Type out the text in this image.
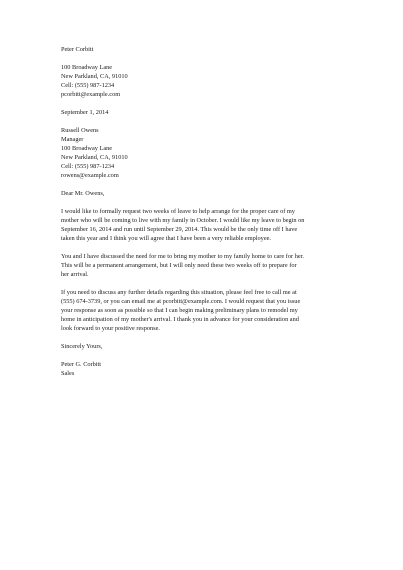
Peter Corbitt
100 Broadway Lane
New Parkland, CA, 91010
Cell: (555) 987-1234
pcorbitt@example.com
September 1, 2014
Russell Owens
Manager
100 Broadway Lane
New Parkland, CA, 91010
Cell: (555) 987-1234
rowens@example.com
Dear Mr. Owens,
I would like to formally request two weeks of leave to help arrange for the proper care of my
mother who will be coming to live with my family in October. I would like my leave to begin on
September 16, 2014 and run until September 29, 2014. This would be the only time off I have
taken this year and I think you will agree that I have been a very reliable employee.
You and I have discussed the need for me to bring my mother to my family home to care for her.
This will be a permanent arrangement, but I will only need these two weeks off to prepare for
her arrival.
If you need to discuss any further details regarding this situation, please feel free to call me at
(555) 674-3739, or you can email me at pcorbitt@example.com. I would request that you issue
your response as soon as possible so that I can begin making preliminary plans to remodel my
home in anticipation of my mother's arrival. I thank you in advance for your consideration and
look forward to your positive response.
Sincerely Yours,
Peter G. Corbitt
Sales
